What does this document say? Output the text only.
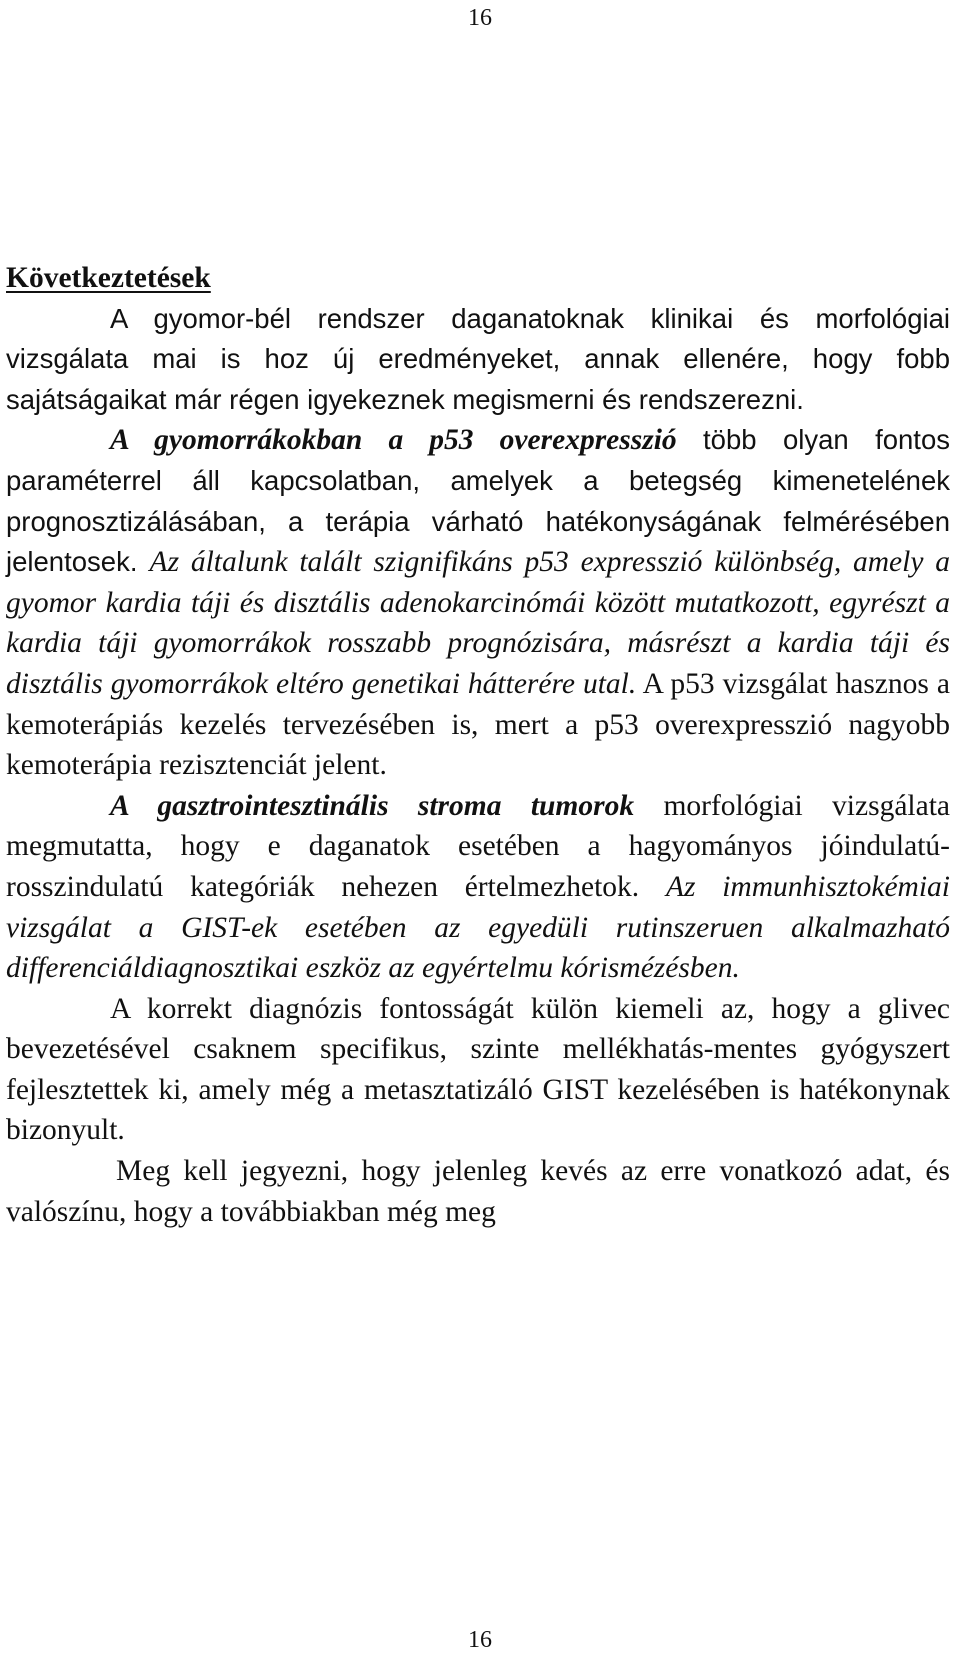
16
Következtetések

A gyomor-bél rendszer daganatoknak klinikai és morfológiai vizsgálata mai is hoz új eredményeket, annak ellenére, hogy fobb sajátságaikat már régen igyekeznek megismerni és rendszerezni.

A gyomorrákokban a p53 overexpresszió több olyan fontos paraméterrel áll kapcsolatban, amelyek a betegség kimenetelének prognosztizálásában, a terápia várható hatékonyságának felmérésében jelentosek. Az általunk talált szignifikáns p53 expresszió különbség, amely a gyomor kardia táji és disztális adenokarcinómái között mutatkozott, egyrészt a kardia táji gyomorrákok rosszabb prognózisára, másrészt a kardia táji és disztális gyomorrákok eltéro genetikai hátterére utal. A p53 vizsgálat hasznos a kemoterápiás kezelés tervezésében is, mert a p53 overexpresszió nagyobb kemoterápia rezisztenciát jelent.

A gasztrointesztinális stroma tumorok morfológiai vizsgálata megmutatta, hogy e daganatok esetében a hagyományos jóindulatú- rosszindulatú kategóriák nehezen értelmezhetok. Az immunhisztokémiai vizsgálat a GIST-ek esetében az egyedüli rutinszeruen alkalmazható differenciáldiagnosztikai eszköz az egyértelmu kórismézésben.

A korrekt diagnózis fontosságát külön kiemeli az, hogy a glivec bevezetésével csaknem specifikus, szinte mellékhatás-mentes gyógyszert fejlesztettek ki, amely még a metasztatizáló GIST kezelésében is hatékonynak bizonyult.

Meg kell jegyezni, hogy jelenleg kevés az erre vonatkozó adat, és valószínu, hogy a továbbiakban még meg

16
